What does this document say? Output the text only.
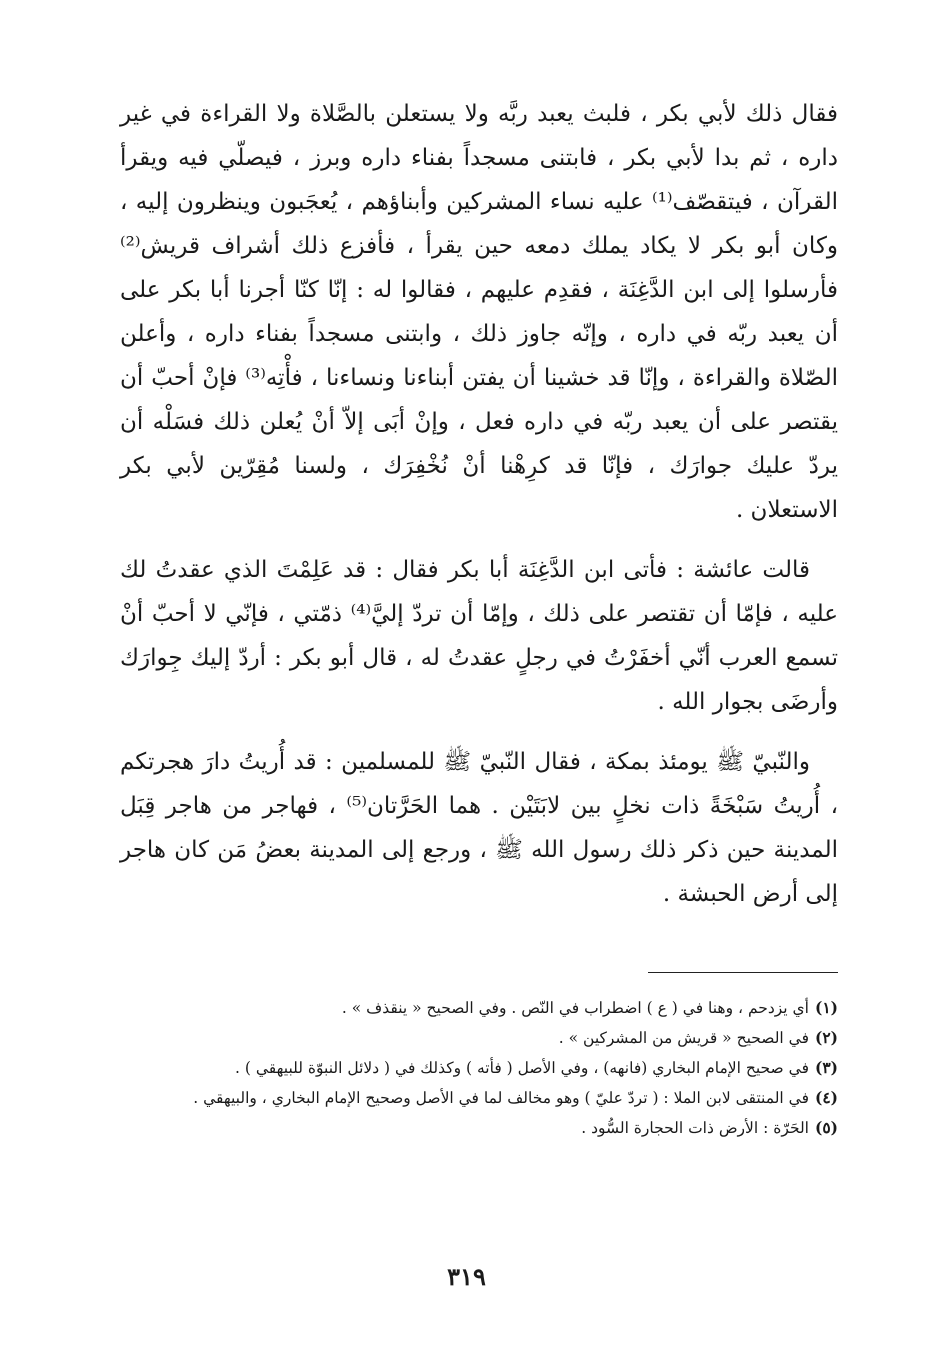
فقال ذلك لأبي بكر ، فلبث يعبد ربَّه ولا يستعلن بالصَّلاة ولا القراءة في غير داره ، ثم بدا لأبي بكر ، فابتنى مسجداً بفناء داره وبرز ، فيصلّي فيه ويقرأ القرآن ، فيتقصّف⁽¹⁾ عليه نساء المشركين وأبناؤهم ، يُعجَبون وينظرون إليه ، وكان أبو بكر لا يكاد يملك دمعه حين يقرأ ، فأفزع ذلك أشراف قريش⁽²⁾ فأرسلوا إلى ابن الدَّغِنَة ، فقدِم عليهم ، فقالوا له : إنّا كنّا أجرنا أبا بكر على أن يعبد ربّه في داره ، وإنّه جاوز ذلك ، وابتنى مسجداً بفناء داره ، وأعلن الصّلاة والقراءة ، وإنّا قد خشينا أن يفتن أبناءنا ونساءنا ، فأْتِه⁽³⁾ فإنْ أحبّ أن يقتصر على أن يعبد ربّه في داره فعل ، وإنْ أبَى إلاّ أنْ يُعلن ذلك فسَلْه أن يردّ عليك جوارَك ، فإنّا قد كرِهْنا أنْ نُخْفِرَك ، ولسنا مُقِرّين لأبي بكر الاستعلان .

قالت عائشة : فأتى ابن الدَّغِنَة أبا بكر فقال : قد عَلِمْتَ الذي عقدتُ لك عليه ، فإمّا أن تقتصر على ذلك ، وإمّا أن تردّ إليَّ⁽⁴⁾ ذمّتي ، فإنّي لا أحبّ أنْ تسمع العرب أنّي أخفَرْتُ في رجلٍ عقدتُ له ، قال أبو بكر : أردّ إليك جِوارَك وأرضَى بجوار الله .

والنّبيّ ﷺ يومئذ بمكة ، فقال النّبيّ ﷺ للمسلمين : قد أُريتُ دارَ هجرتكم ، أُريتُ سَبْخَةً ذات نخلٍ بين لابَتَيْن . هما الحَرَّتان⁽⁵⁾ ، فهاجر من هاجر قِبَل المدينة حين ذكر ذلك رسول الله ﷺ ، ورجع إلى المدينة بعضُ مَن كان هاجر إلى أرض الحبشة .

(١)أي يزدحم ، وهنا في ( ع ) اضطراب في النّص . وفي الصحيح « ينقذف » .

(٢)في الصحيح « قريش من المشركين » .

(٣)في صحيح الإمام البخاري (فانهه) ، وفي الأصل ( فأته ) وكذلك في ( دلائل النبوّة للبيهقي ) .

(٤)في المنتقى لابن الملا : ( تردّ عليّ ) وهو مخالف لما في الأصل وصحيح الإمام البخاري ، والبيهقي .

(٥)الحَرّة : الأرض ذات الحجارة السُّود .

٣١٩
